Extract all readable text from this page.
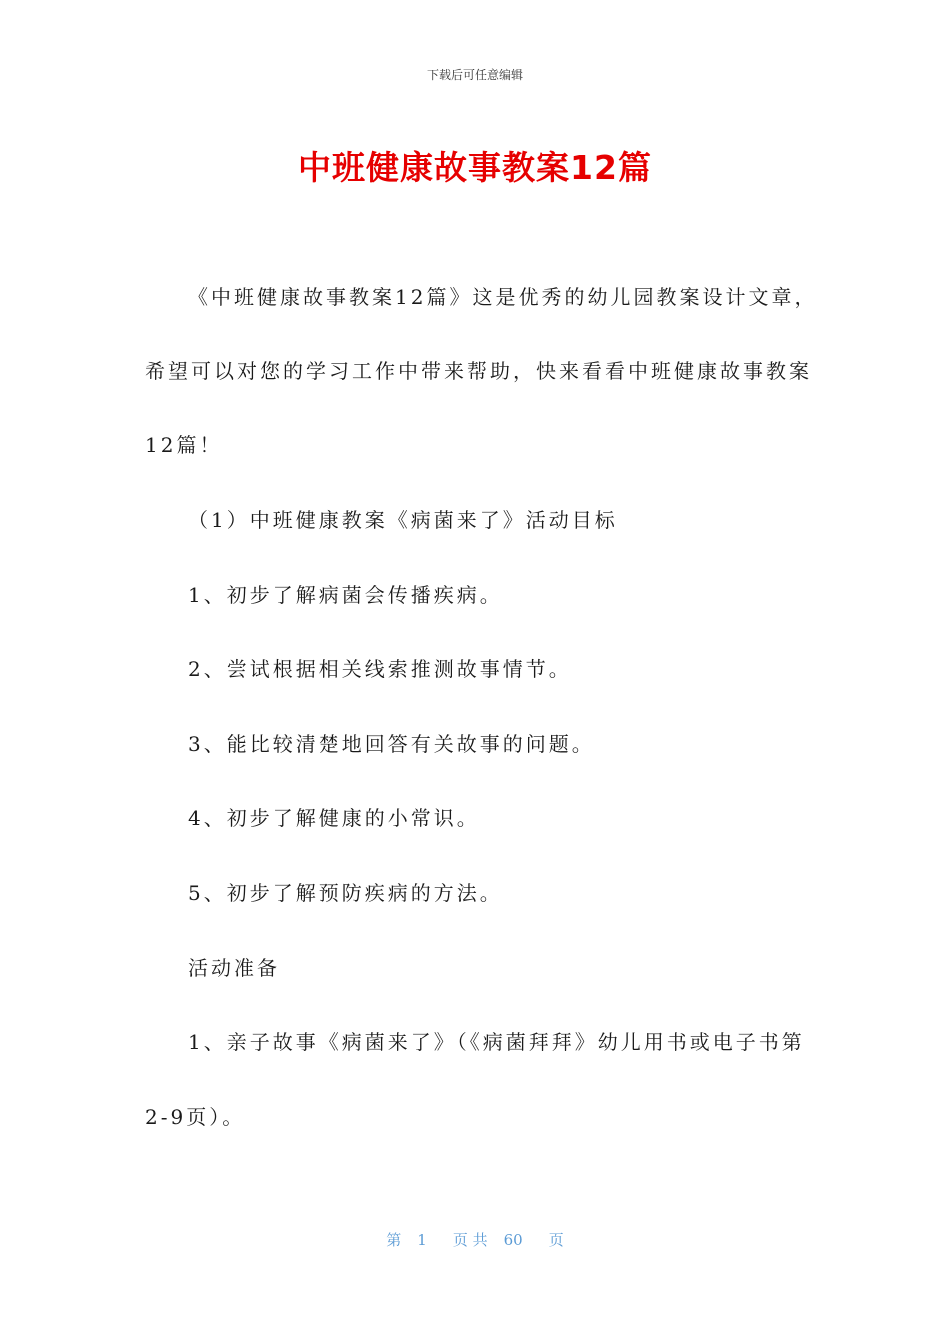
下载后可任意编辑
中班健康故事教案12篇
《中班健康故事教案12篇》这是优秀的幼儿园教案设计文章，
希望可以对您的学习工作中带来帮助，快来看看中班健康故事教案
12篇！
（1）中班健康教案《病菌来了》活动目标
1、初步了解病菌会传播疾病。
2、尝试根据相关线索推测故事情节。
3、能比较清楚地回答有关故事的问题。
4、初步了解健康的小常识。
5、初步了解预防疾病的方法。
活动准备
1、亲子故事《病菌来了》（《病菌拜拜》幼儿用书或电子书第
2-9页）。
第 1 页 共 60 页
